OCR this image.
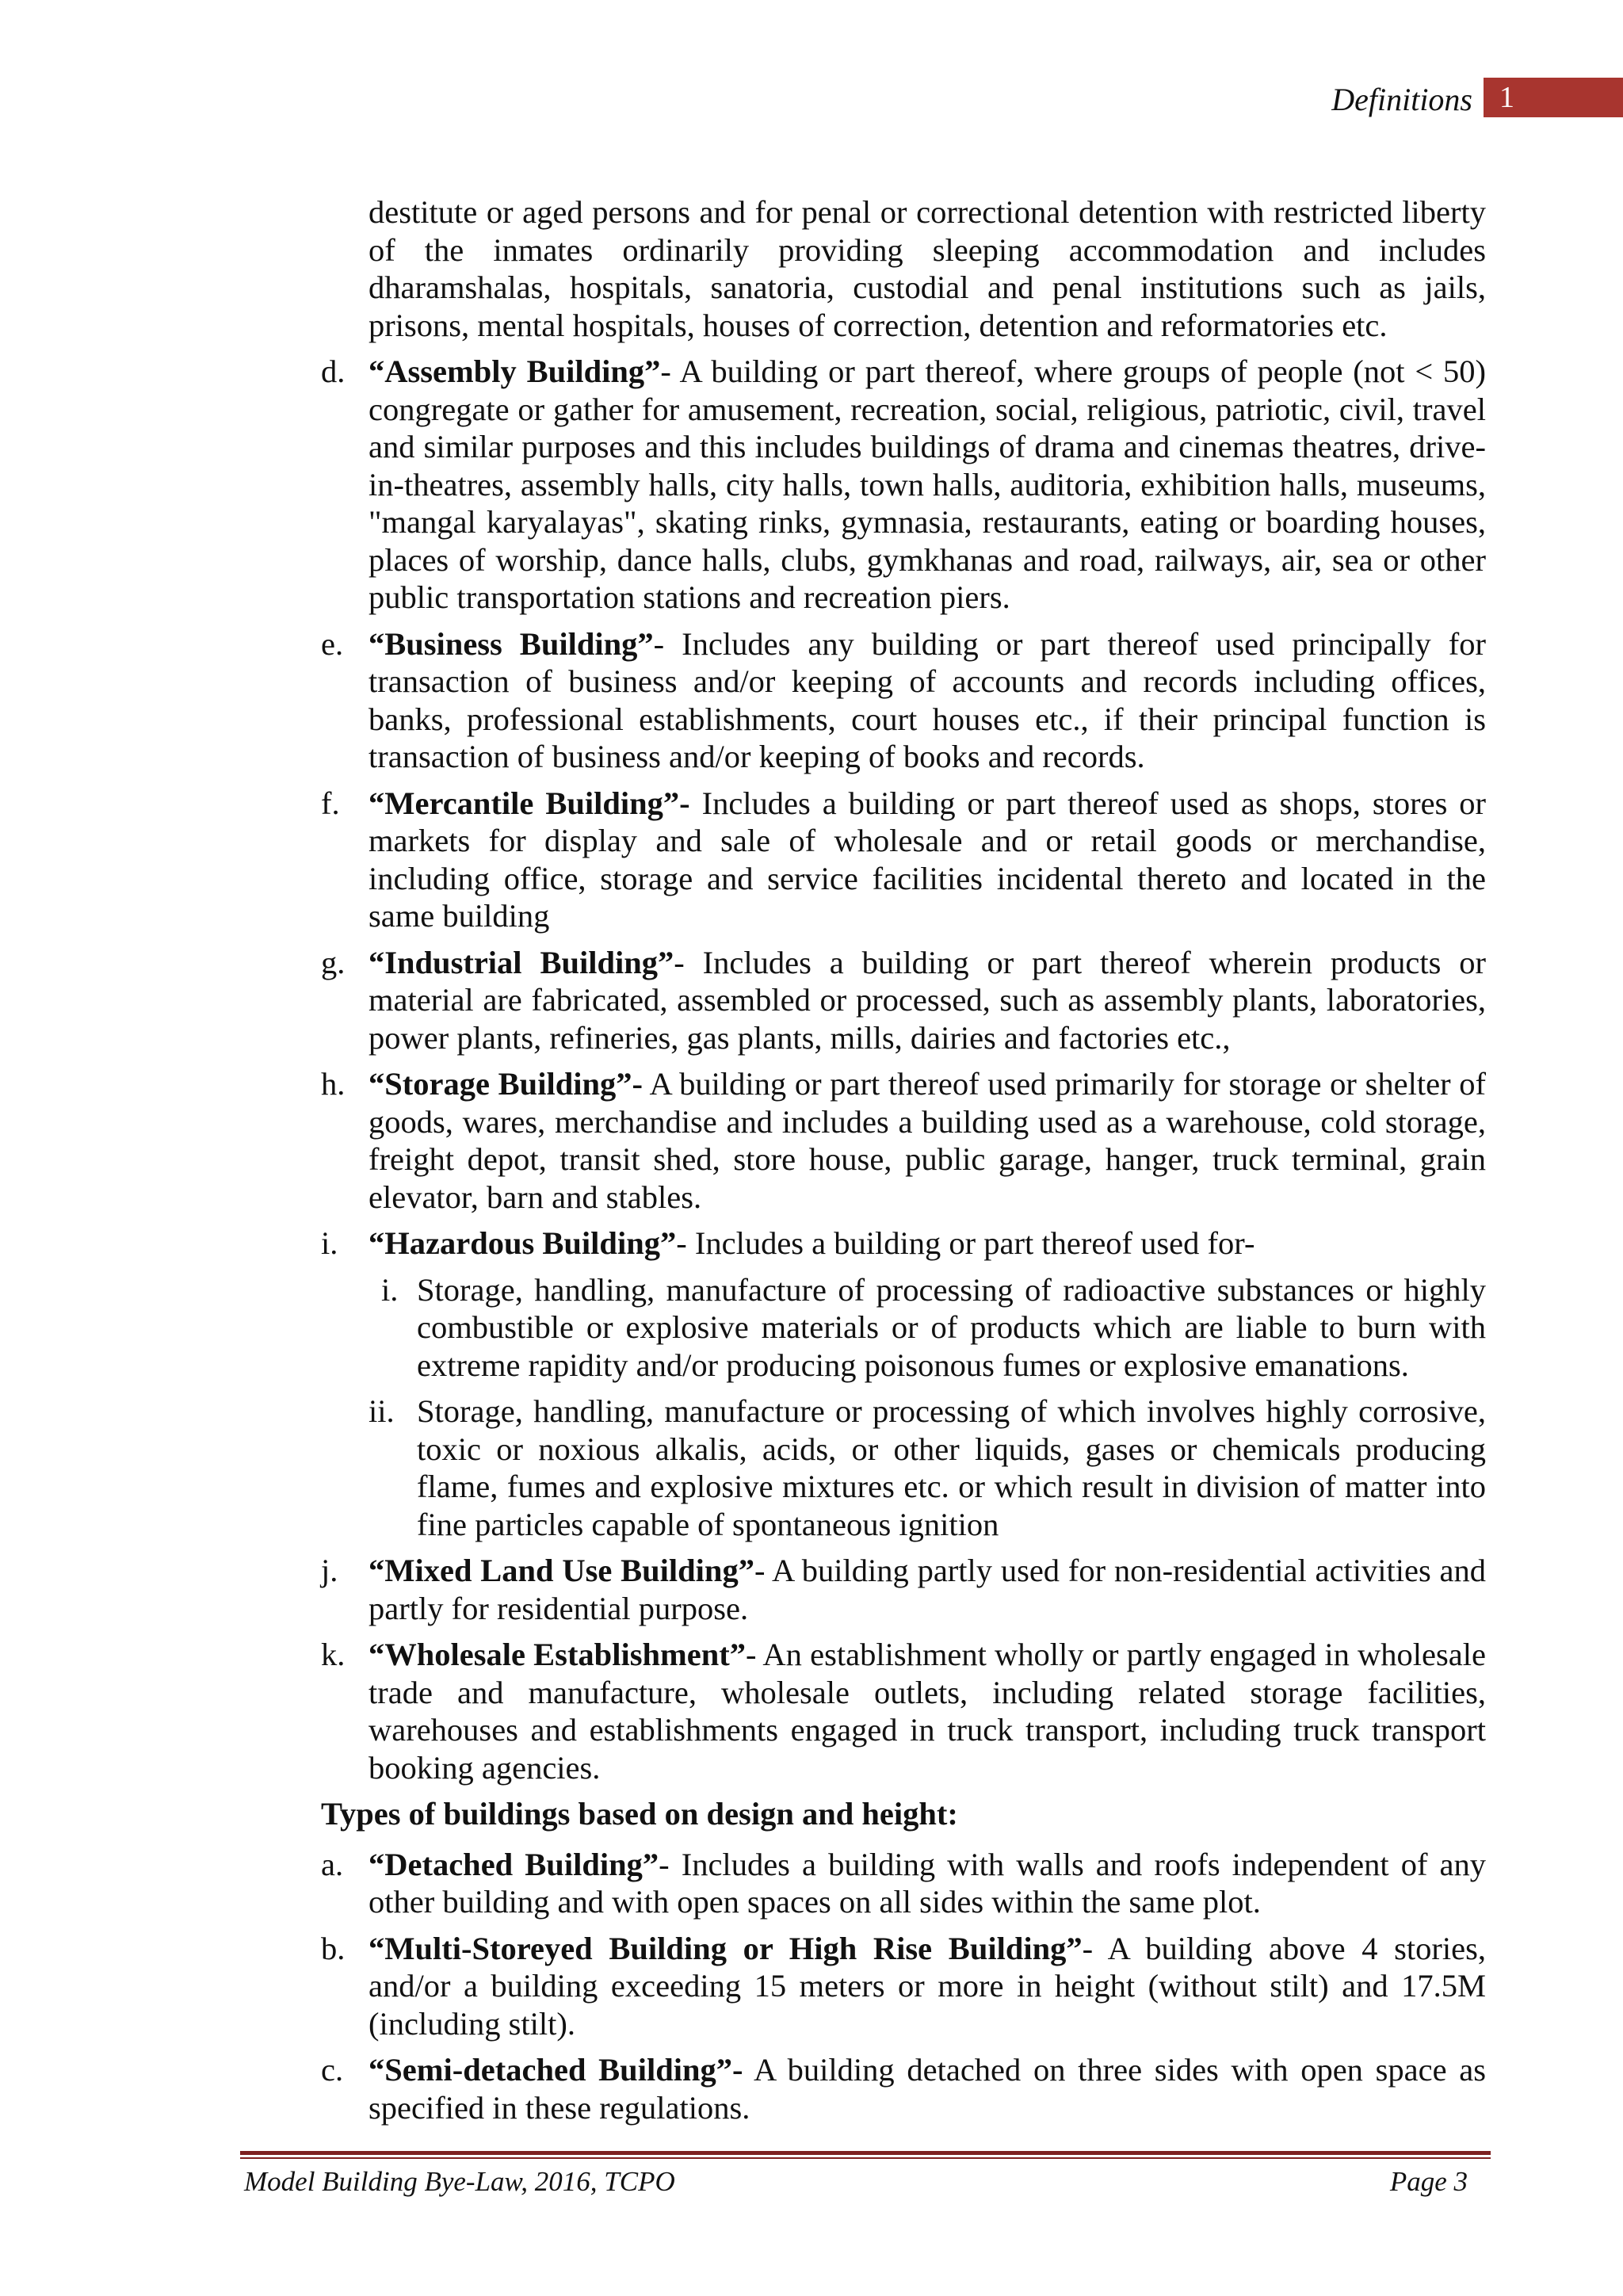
Definitions 1

destitute or aged persons and for penal or correctional detention with restricted liberty of the inmates ordinarily providing sleeping accommodation and includes dharamshalas, hospitals, sanatoria, custodial and penal institutions such as jails, prisons, mental hospitals, houses of correction, detention and reformatories etc.

d. “Assembly Building”- A building or part thereof, where groups of people (not < 50) congregate or gather for amusement, recreation, social, religious, patriotic, civil, travel and similar purposes and this includes buildings of drama and cinemas theatres, drive-in-theatres, assembly halls, city halls, town halls, auditoria, exhibition halls, museums, "mangal karyalayas", skating rinks, gymnasia, restaurants, eating or boarding houses, places of worship, dance halls, clubs, gymkhanas and road, railways, air, sea or other public transportation stations and recreation piers.
e. “Business Building”- Includes any building or part thereof used principally for transaction of business and/or keeping of accounts and records including offices, banks, professional establishments, court houses etc., if their principal function is transaction of business and/or keeping of books and records.
f. “Mercantile Building”- Includes a building or part thereof used as shops, stores or markets for display and sale of wholesale and or retail goods or merchandise, including office, storage and service facilities incidental thereto and located in the same building
g. “Industrial Building”- Includes a building or part thereof wherein products or material are fabricated, assembled or processed, such as assembly plants, laboratories, power plants, refineries, gas plants, mills, dairies and factories etc.,
h. “Storage Building”- A building or part thereof used primarily for storage or shelter of goods, wares, merchandise and includes a building used as a warehouse, cold storage, freight depot, transit shed, store house, public garage, hanger, truck terminal, grain elevator, barn and stables.
i. “Hazardous Building”- Includes a building or part thereof used for-
i. Storage, handling, manufacture of processing of radioactive substances or highly combustible or explosive materials or of products which are liable to burn with extreme rapidity and/or producing poisonous fumes or explosive emanations.
ii. Storage, handling, manufacture or processing of which involves highly corrosive, toxic or noxious alkalis, acids, or other liquids, gases or chemicals producing flame, fumes and explosive mixtures etc. or which result in division of matter into fine particles capable of spontaneous ignition
j. “Mixed Land Use Building”- A building partly used for non-residential activities and partly for residential purpose.
k. “Wholesale Establishment”- An establishment wholly or partly engaged in wholesale trade and manufacture, wholesale outlets, including related storage facilities, warehouses and establishments engaged in truck transport, including truck transport booking agencies.
Types of buildings based on design and height:
a. “Detached Building”- Includes a building with walls and roofs independent of any other building and with open spaces on all sides within the same plot.
b. “Multi-Storeyed Building or High Rise Building”- A building above 4 stories, and/or a building exceeding 15 meters or more in height (without stilt) and 17.5M (including stilt).
c. “Semi-detached Building”- A building detached on three sides with open space as specified in these regulations.
Model Building Bye-Law, 2016, TCPO	Page 3
